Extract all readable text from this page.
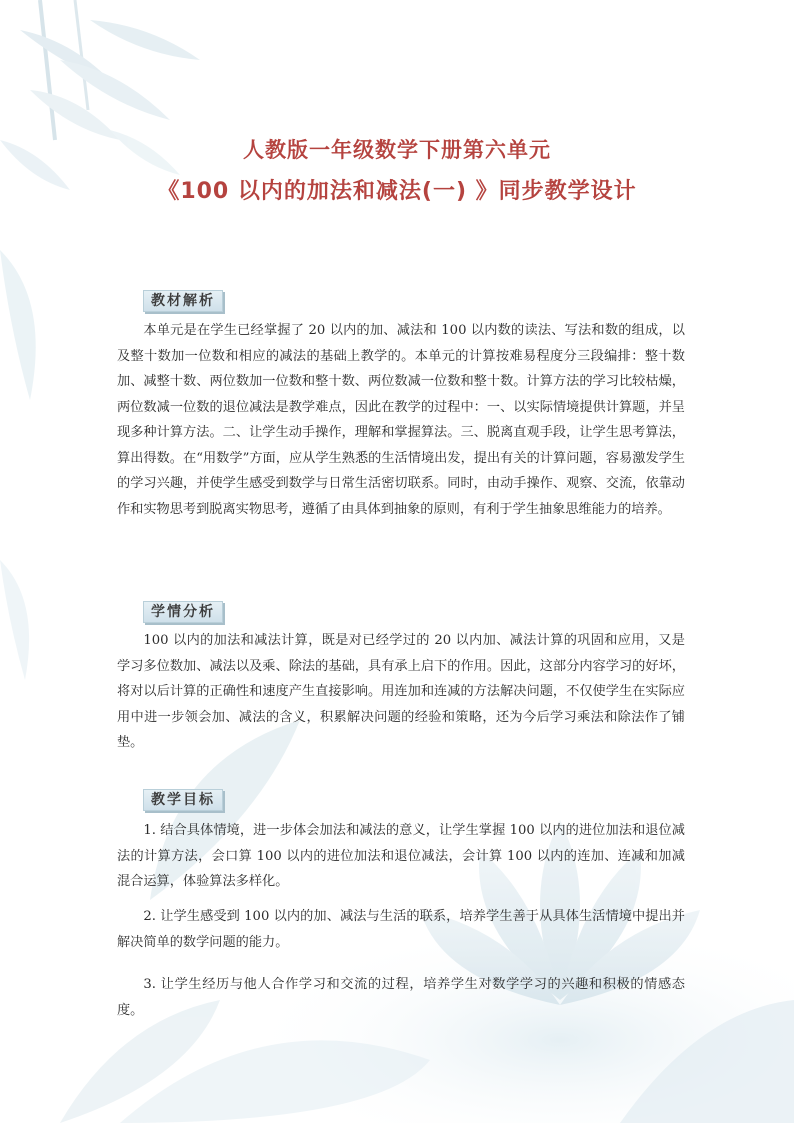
人教版一年级数学下册第六单元
《100 以内的加法和减法(一) 》同步教学设计
教材解析

本单元是在学生已经掌握了 20 以内的加、减法和 100 以内数的读法、写法和数的组成，以及整十数加一位数和相应的减法的基础上教学的。本单元的计算按难易程度分三段编排：整十数加、减整十数、两位数加一位数和整十数、两位数减一位数和整十数。计算方法的学习比较枯燥，两位数减一位数的退位减法是教学难点，因此在教学的过程中：一、以实际情境提供计算题，并呈现多种计算方法。二、让学生动手操作，理解和掌握算法。三、脱离直观手段，让学生思考算法，算出得数。在“用数学”方面，应从学生熟悉的生活情境出发，提出有关的计算问题，容易激发学生的学习兴趣，并使学生感受到数学与日常生活密切联系。同时，由动手操作、观察、交流，依靠动作和实物思考到脱离实物思考，遵循了由具体到抽象的原则，有利于学生抽象思维能力的培养。

学情分析

100 以内的加法和减法计算，既是对已经学过的 20 以内加、减法计算的巩固和应用，又是学习多位数加、减法以及乘、除法的基础，具有承上启下的作用。因此，这部分内容学习的好坏，将对以后计算的正确性和速度产生直接影响。用连加和连减的方法解决问题，不仅使学生在实际应用中进一步领会加、减法的含义，积累解决问题的经验和策略，还为今后学习乘法和除法作了铺垫。

教学目标

1. 结合具体情境，进一步体会加法和减法的意义，让学生掌握 100 以内的进位加法和退位减法的计算方法，会口算 100 以内的进位加法和退位减法，会计算 100 以内的连加、连减和加减混合运算，体验算法多样化。

2. 让学生感受到 100 以内的加、减法与生活的联系，培养学生善于从具体生活情境中提出并解决简单的数学问题的能力。

3. 让学生经历与他人合作学习和交流的过程，培养学生对数学学习的兴趣和积极的情感态度。
